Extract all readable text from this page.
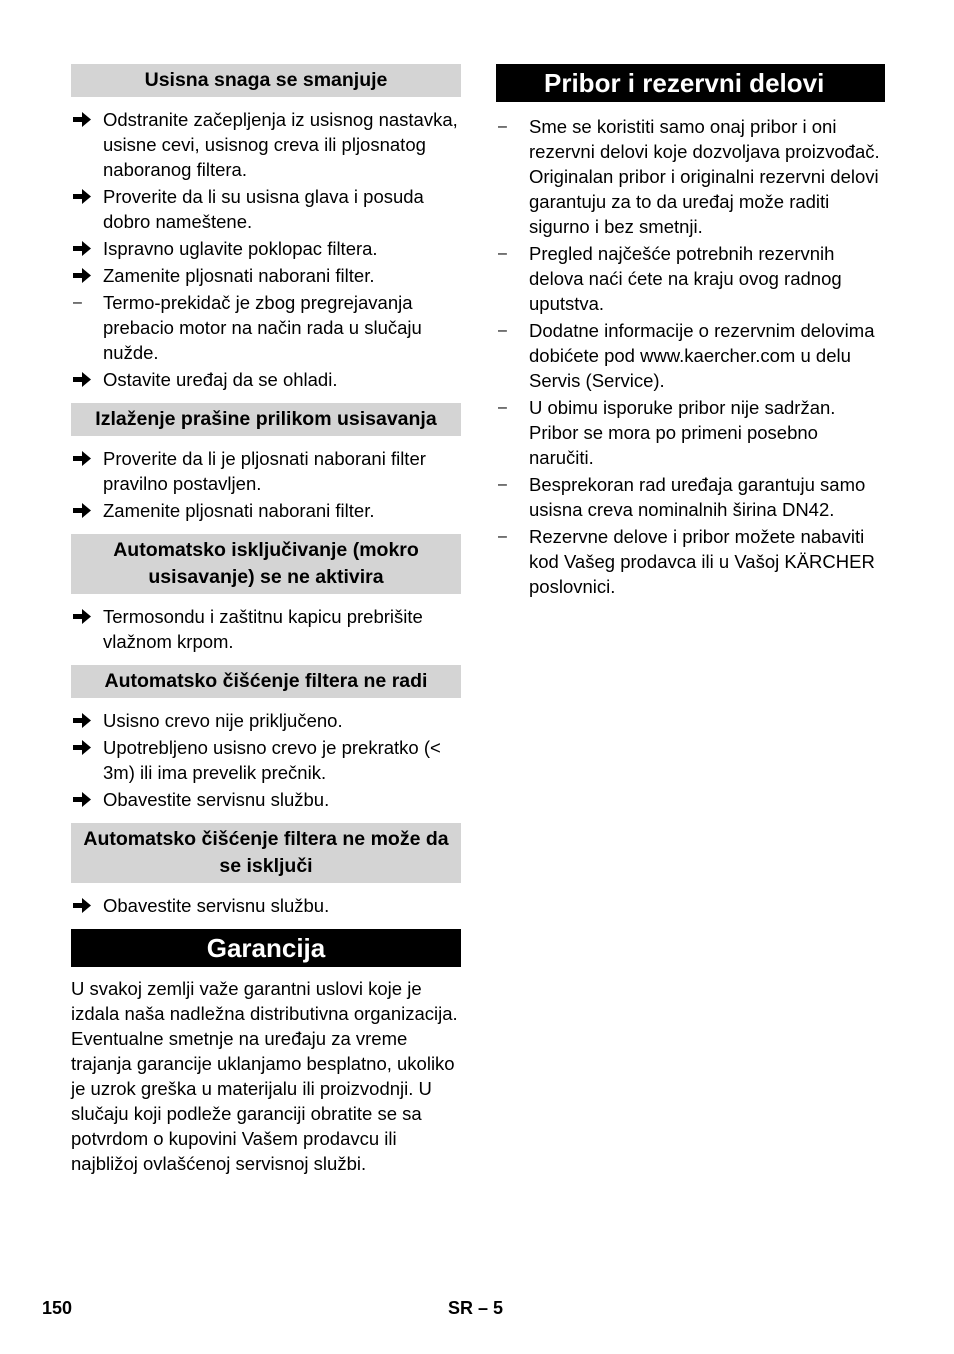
Usisna snaga se smanjuje
Odstranite začepljenja iz usisnog nastavka, usisne cevi, usisnog creva ili pljosnatog naboranog filtera.
Proverite da li su usisna glava i posuda dobro nameštene.
Ispravno uglavite poklopac filtera.
Zamenite pljosnati naborani filter.
–	Termo-prekidač je zbog pregrejavanja prebacio motor na način rada u slučaju nužde.
Ostavite uređaj da se ohladi.
Izlaženje prašine prilikom usisavanja
Proverite da li je pljosnati naborani filter pravilno postavljen.
Zamenite pljosnati naborani filter.
Automatsko isključivanje (mokro usisavanje) se ne aktivira
Termosondu i zaštitnu kapicu prebrišite vlažnom krpom.
Automatsko čišćenje filtera ne radi
Usisno crevo nije priključeno.
Upotrebljeno usisno crevo je prekratko (< 3m) ili ima prevelik prečnik.
Obavestite servisnu službu.
Automatsko čišćenje filtera ne može da se isključi
Obavestite servisnu službu.
Garancija
U svakoj zemlji važe garantni uslovi koje je izdala naša nadležna distributivna organizacija. Eventualne smetnje na uređaju za vreme trajanja garancije uklanjamo besplatno, ukoliko je uzrok greška u materijalu ili proizvodnji. U slučaju koji podleže garanciji obratite se sa potvrdom o kupovini Vašem prodavcu ili najbližoj ovlašćenoj servisnoj službi.
Pribor i rezervni delovi
– Sme se koristiti samo onaj pribor i oni rezervni delovi koje dozvoljava proizvođač. Originalan pribor i originalni rezervni delovi garantuju za to da uređaj može raditi sigurno i bez smetnji.
– Pregled najčešće potrebnih rezervnih delova naći ćete na kraju ovog radnog uputstva.
– Dodatne informacije o rezervnim delovima dobićete pod www.kaercher.com u delu Servis (Service).
– U obimu isporuke pribor nije sadržan. Pribor se mora po primeni posebno naručiti.
– Besprekoran rad uređaja garantuju samo usisna creva nominalnih širina DN42.
– Rezervne delove i pribor možete nabaviti kod Vašeg prodavca ili u Vašoj KÄRCHER poslovnici.
150	SR – 5
